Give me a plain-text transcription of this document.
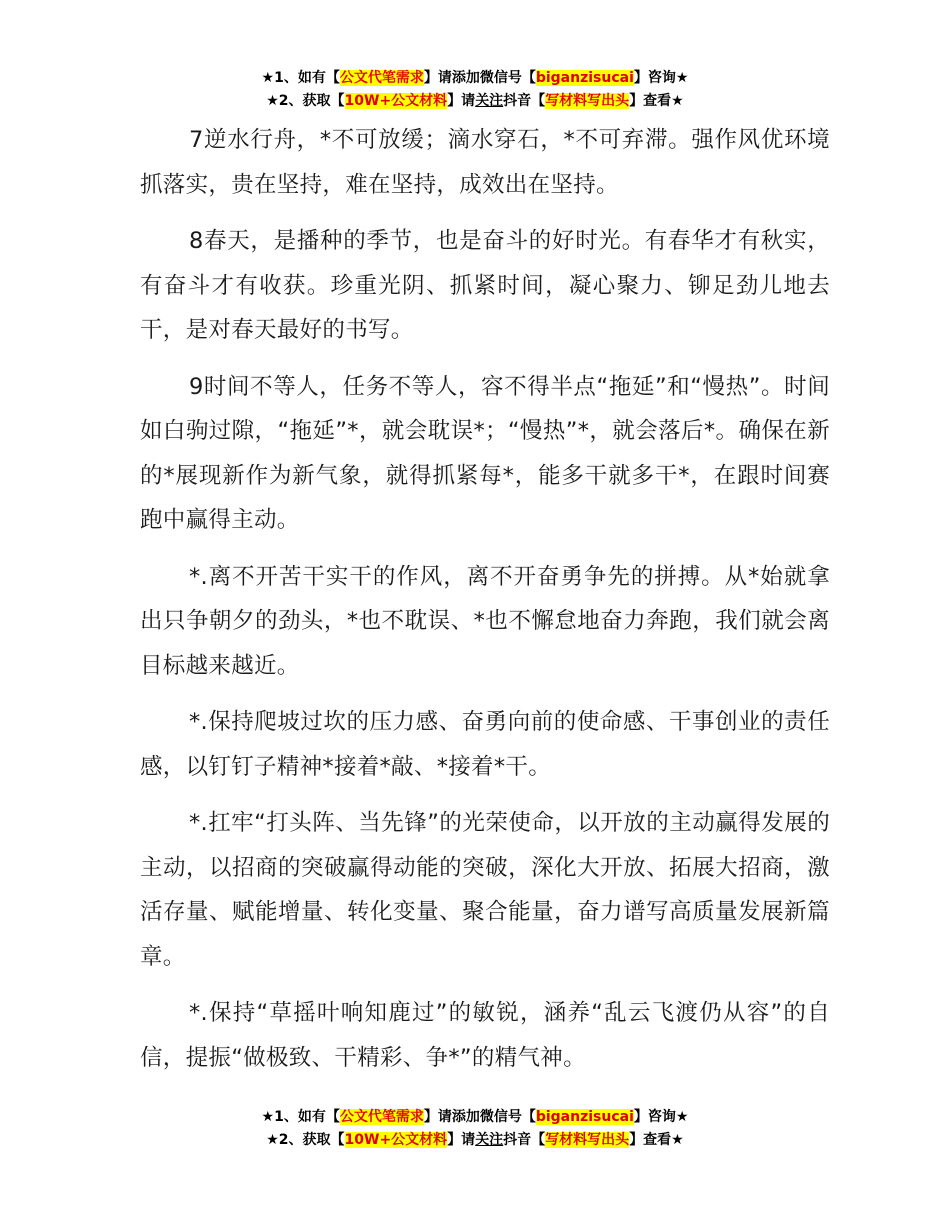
★1、如有【公文代笔需求】请添加微信号【biganzisucai】咨询★
★2、获取【10W+公文材料】请关注抖音【写材料写出头】查看★

7逆水行舟，*不可放缓；滴水穿石，*不可弃滞。强作风优环境抓落实，贵在坚持，难在坚持，成效出在坚持。

8春天，是播种的季节，也是奋斗的好时光。有春华才有秋实，有奋斗才有收获。珍重光阴、抓紧时间，凝心聚力、铆足劲儿地去干，是对春天最好的书写。

9时间不等人，任务不等人，容不得半点“拖延”和“慢热”。时间如白驹过隙，“拖延”*，就会耽误*；“慢热”*，就会落后*。确保在新的*展现新作为新气象，就得抓紧每*，能多干就多干*，在跟时间赛跑中赢得主动。

*.离不开苦干实干的作风，离不开奋勇争先的拼搏。从*始就拿出只争朝夕的劲头，*也不耽误、*也不懈怠地奋力奔跑，我们就会离目标越来越近。

*.保持爬坡过坎的压力感、奋勇向前的使命感、干事创业的责任感，以钉钉子精神*接着*敲、*接着*干。

*.扛牢“打头阵、当先锋”的光荣使命，以开放的主动赢得发展的主动，以招商的突破赢得动能的突破，深化大开放、拓展大招商，激活存量、赋能增量、转化变量、聚合能量，奋力谱写高质量发展新篇章。

*.保持“草摇叶响知鹿过”的敏锐，涵养“乱云飞渡仍从容”的自信，提振“做极致、干精彩、争*”的精气神。

★1、如有【公文代笔需求】请添加微信号【biganzisucai】咨询★
★2、获取【10W+公文材料】请关注抖音【写材料写出头】查看★
